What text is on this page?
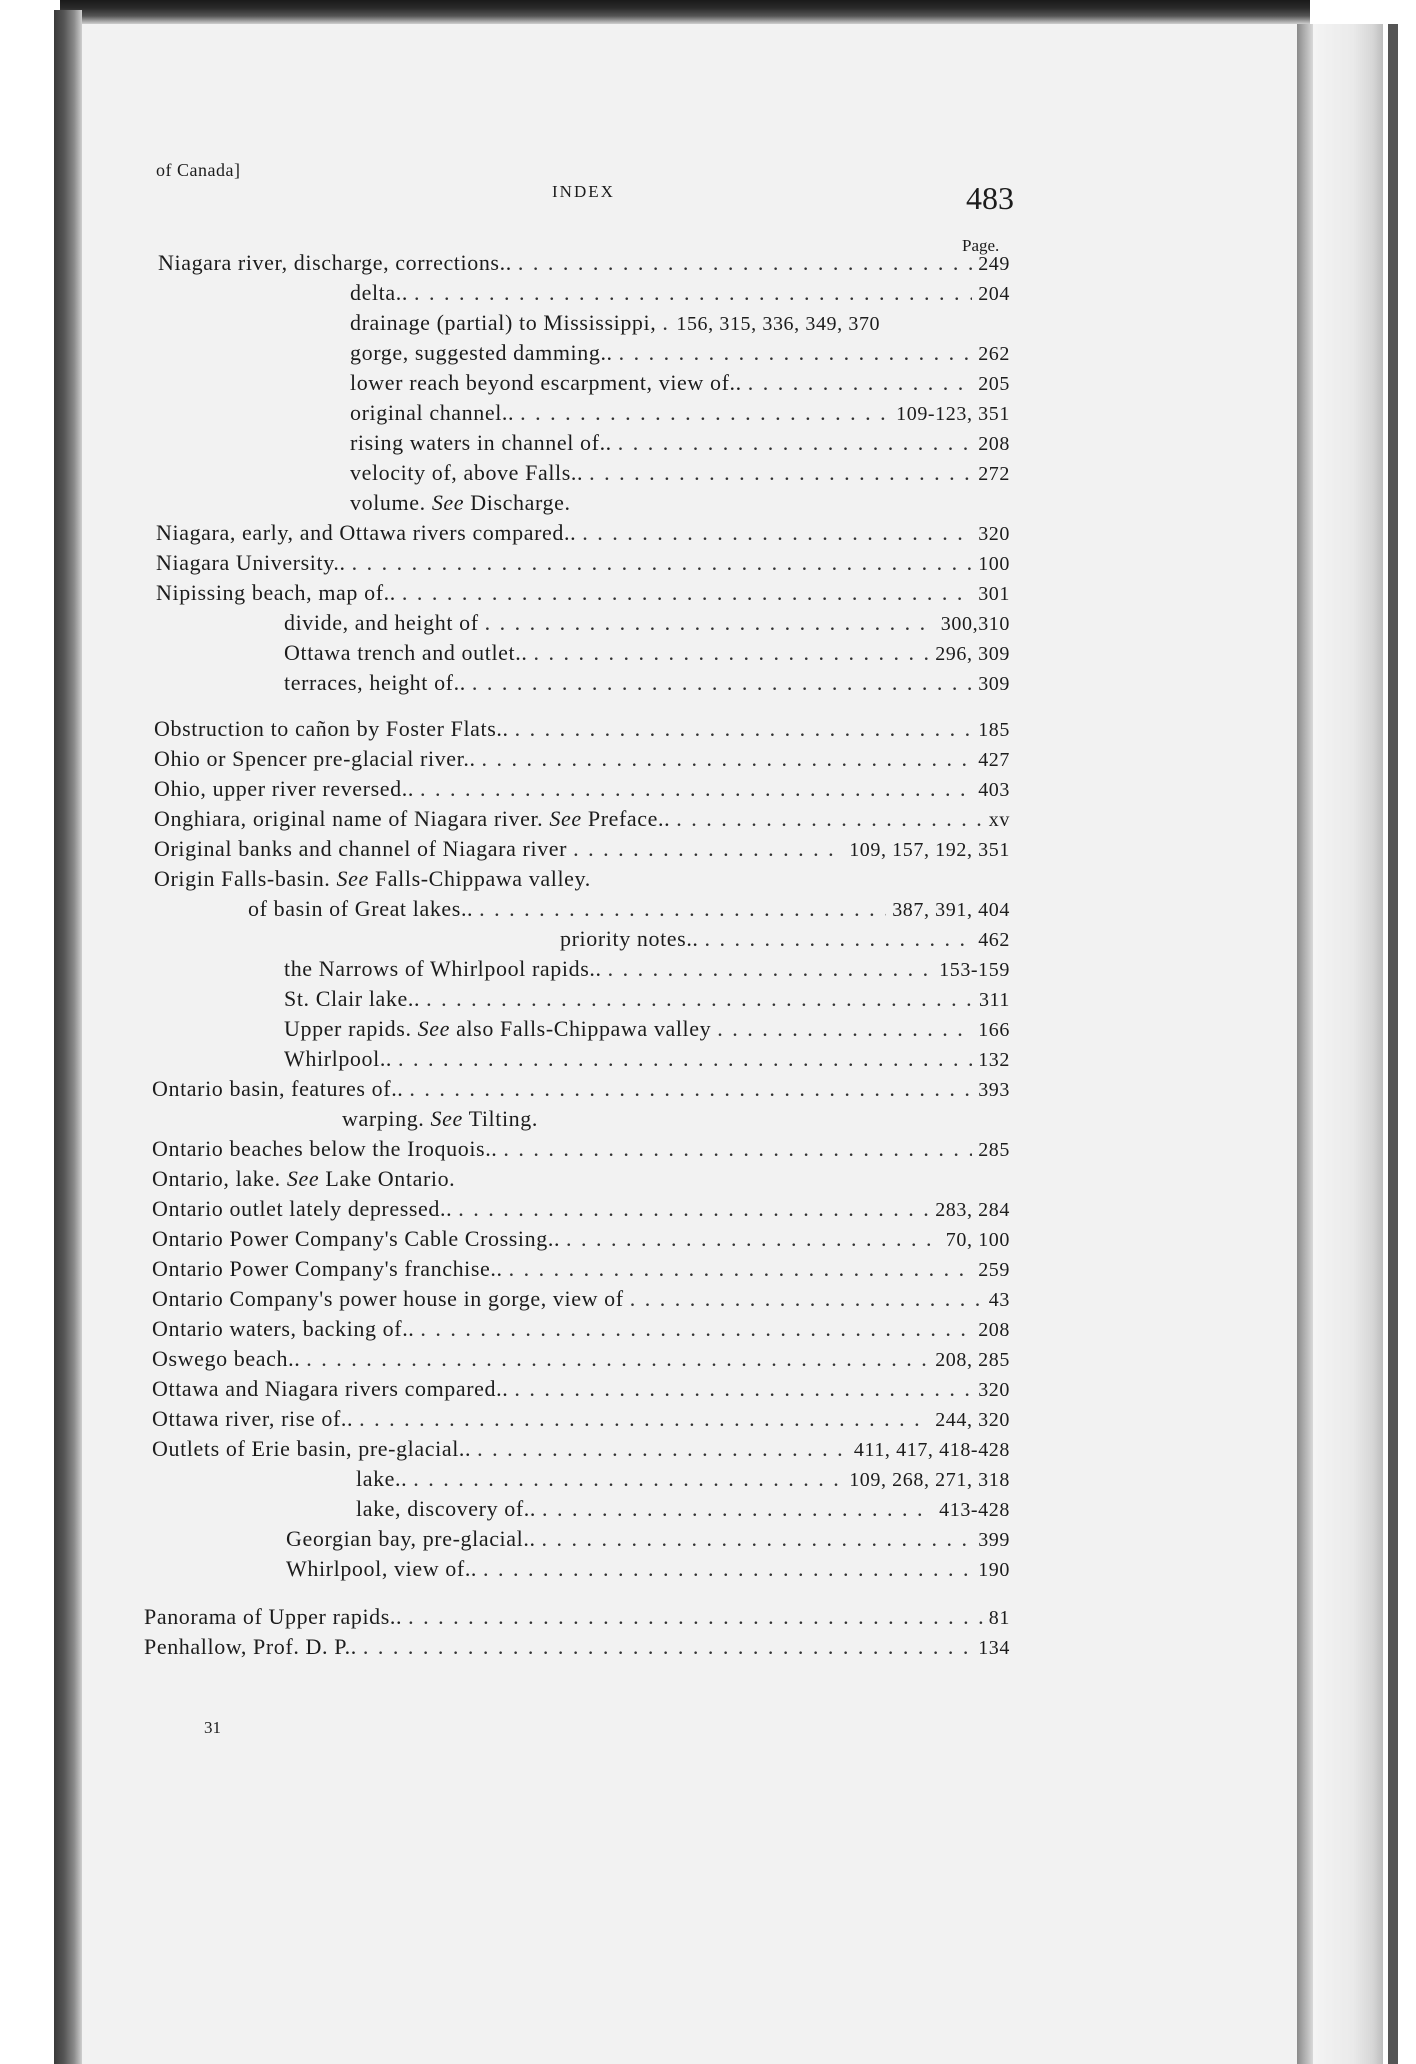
of Canada]
INDEX	483
Page.
Niagara river, discharge, corrections.. . . .	249
delta.. . . .	204
drainage (partial) to Mississippi, . . . 156, 315, 336, 349, 370
gorge, suggested damming.. . . .	262
lower reach beyond escarpment, view of.. . . .	205
original channel.. . . .	109-123, 351
rising waters in channel of.. . . .	208
velocity of, above Falls.. . . .	272
volume. See Discharge.
Niagara, early, and Ottawa rivers compared.. . . .	320
Niagara University.. . . .	100
Nipissing beach, map of.. . . .	301
divide, and height of . . .	300,310
Ottawa trench and outlet.. . . .	296, 309
terraces, height of.. . . .	309
Obstruction to cañon by Foster Flats.. . . .	185
Ohio or Spencer pre-glacial river.. . . .	427
Ohio, upper river reversed.. . . .	403
Onghiara, original name of Niagara river. See Preface.. . . .	xv
Original banks and channel of Niagara river . . .	109, 157, 192, 351
Origin Falls-basin. See Falls-Chippawa valley.
of basin of Great lakes.. . . .	387, 391, 404
priority notes.. . . .	462
the Narrows of Whirlpool rapids.. . . .	153-159
St. Clair lake.. . . .	311
Upper rapids. See also Falls-Chippawa valley . . .	166
Whirlpool.. . . .	132
Ontario basin, features of.. . . .	393
warping. See Tilting.
Ontario beaches below the Iroquois.. . . .	285
Ontario, lake. See Lake Ontario.
Ontario outlet lately depressed.. . . .	283, 284
Ontario Power Company's Cable Crossing.. . . .	70, 100
Ontario Power Company's franchise.. . . .	259
Ontario Company's power house in gorge, view of . . .	43
Ontario waters, backing of.. . . .	208
Oswego beach.. . . .	208, 285
Ottawa and Niagara rivers compared.. . . .	320
Ottawa river, rise of.. . . .	244, 320
Outlets of Erie basin, pre-glacial.. . . .	411, 417, 418-428
lake.. . . .	109, 268, 271, 318
lake, discovery of.. . . .	413-428
Georgian bay, pre-glacial.. . . .	399
Whirlpool, view of.. . . .	190
Panorama of Upper rapids.. . . .	81
Penhallow, Prof. D. P.. . . .	134
31
